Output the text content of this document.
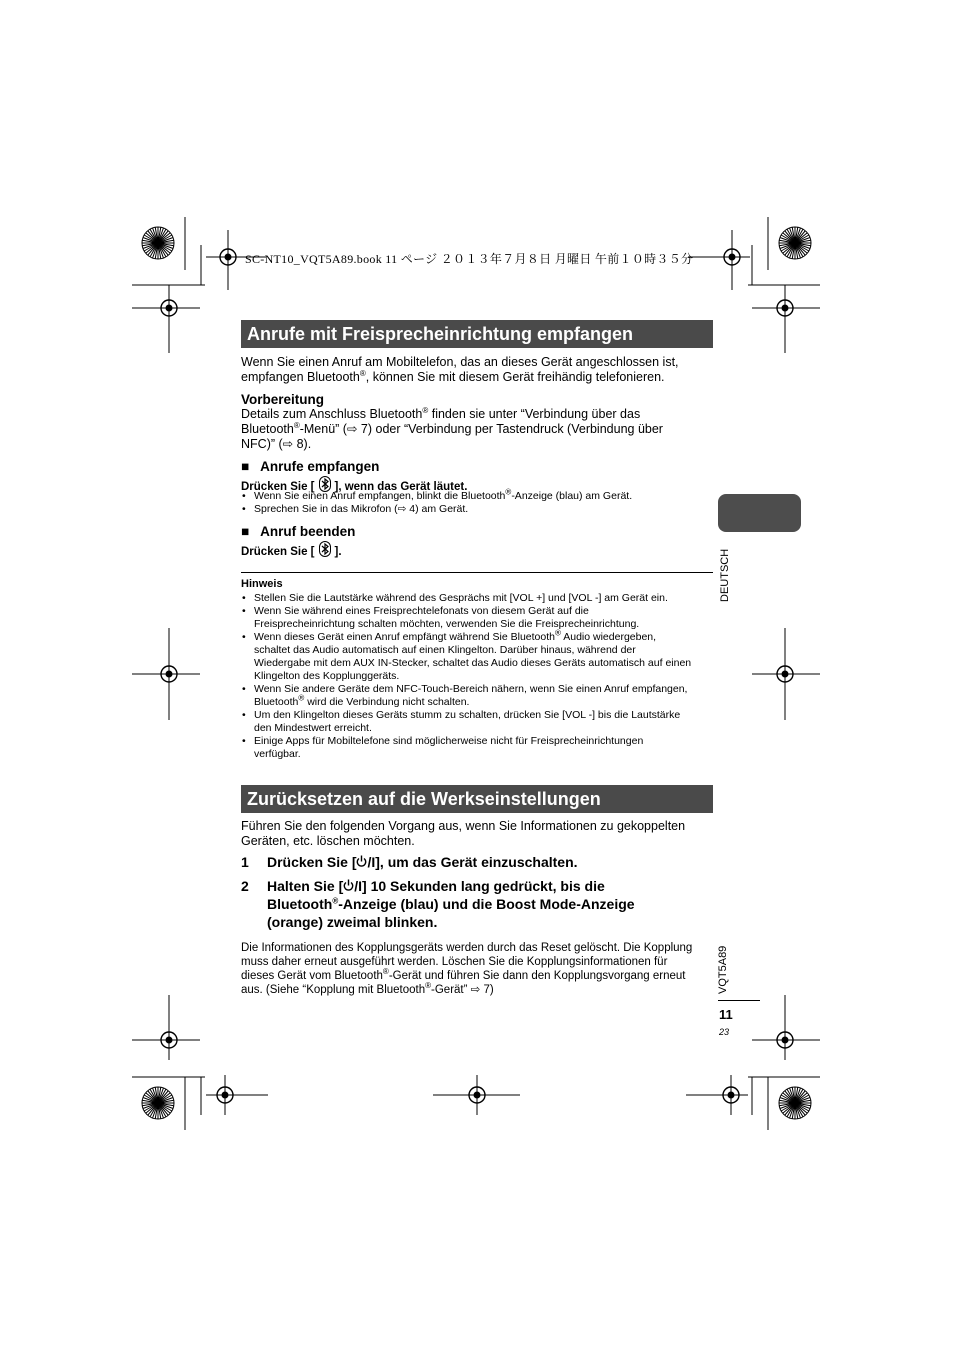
SC-NT10_VQT5A89.book 11 ページ ２０１３年７月８日 月曜日 午前１０時３５分
Anrufe mit Freisprecheinrichtung empfangen
Wenn Sie einen Anruf am Mobiltelefon, das an dieses Gerät angeschlossen ist,
empfangen Bluetooth®, können Sie mit diesem Gerät freihändig telefonieren.
Vorbereitung
Details zum Anschluss Bluetooth® finden sie unter “Verbindung über das
Bluetooth®-Menü” (⇨ 7) oder “Verbindung per Tastendruck (Verbindung über
NFC)” (⇨ 8).
■ Anrufe empfangen
Drücken Sie [ ], wenn das Gerät läutet.
• Wenn Sie einen Anruf empfangen, blinkt die Bluetooth®-Anzeige (blau) am Gerät.
• Sprechen Sie in das Mikrofon (⇨ 4) am Gerät.
■ Anruf beenden
Drücken Sie [ ].
Hinweis
• Stellen Sie die Lautstärke während des Gesprächs mit [VOL +] und [VOL -] am Gerät ein.
• Wenn Sie während eines Freisprechtelefonats von diesem Gerät auf die
Freisprecheinrichtung schalten möchten, verwenden Sie die Freisprecheinrichtung.
• Wenn dieses Gerät einen Anruf empfängt während Sie Bluetooth® Audio wiedergeben,
schaltet das Audio automatisch auf einen Klingelton. Darüber hinaus, während der
Wiedergabe mit dem AUX IN-Stecker, schaltet das Audio dieses Geräts automatisch auf einen
Klingelton des Kopplunggeräts.
• Wenn Sie andere Geräte dem NFC-Touch-Bereich nähern, wenn Sie einen Anruf empfangen,
Bluetooth® wird die Verbindung nicht schalten.
• Um den Klingelton dieses Geräts stumm zu schalten, drücken Sie [VOL -] bis die Lautstärke
den Mindestwert erreicht.
• Einige Apps für Mobiltelefone sind möglicherweise nicht für Freisprecheinrichtungen
verfügbar.
Zurücksetzen auf die Werkseinstellungen
Führen Sie den folgenden Vorgang aus, wenn Sie Informationen zu gekoppelten
Geräten, etc. löschen möchten.
1 Drücken Sie [ /I], um das Gerät einzuschalten.
2 Halten Sie [ /I] 10 Sekunden lang gedrückt, bis die
Bluetooth®-Anzeige (blau) und die Boost Mode-Anzeige
(orange) zweimal blinken.
Die Informationen des Kopplungsgeräts werden durch das Reset gelöscht. Die Kopplung
muss daher erneut ausgeführt werden. Löschen Sie die Kopplungsinformationen für
dieses Gerät vom Bluetooth®-Gerät und führen Sie dann den Kopplungsvorgang erneut
aus. (Siehe “Kopplung mit Bluetooth®-Gerät” ⇨ 7)
DEUTSCH
VQT5A89
11
23
